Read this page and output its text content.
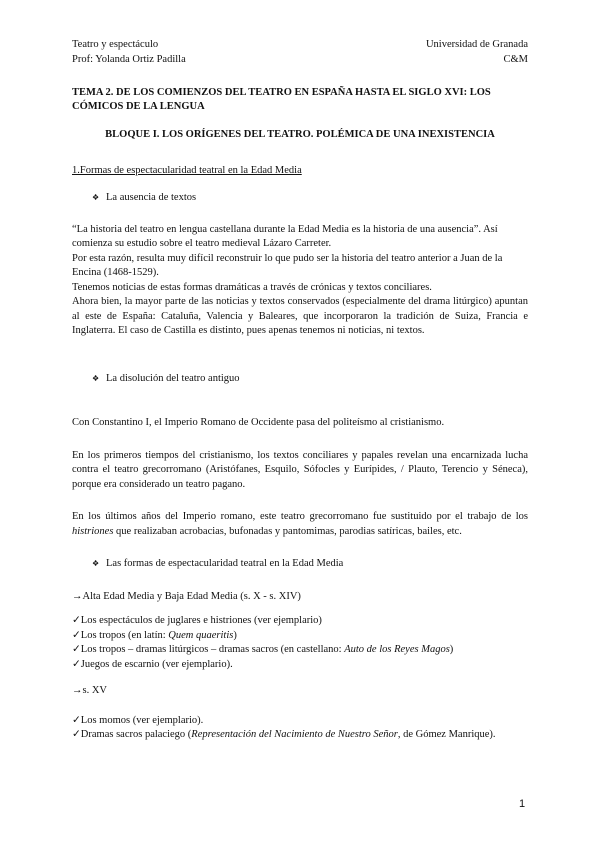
Teatro y espectáculo
Prof: Yolanda Ortiz Padilla
Universidad de Granada
C&M

TEMA 2. DE LOS COMIENZOS DEL TEATRO EN ESPAÑA HASTA EL SIGLO XVI: LOS CÓMICOS DE LA LENGUA

BLOQUE I. LOS ORÍGENES DEL TEATRO. POLÉMICA DE UNA INEXISTENCIA

1.Formas de espectacularidad teatral en la Edad Media

❖ La ausencia de textos

“La historia del teatro en lengua castellana durante la Edad Media es la historia de una ausencia”. Así comienza su estudio sobre el teatro medieval Lázaro Carreter.

Por esta razón, resulta muy difícil reconstruir lo que pudo ser la historia del teatro anterior a Juan de la Encina (1468-1529).

Tenemos noticias de estas formas dramáticas a través de crónicas y textos conciliares.

Ahora bien, la mayor parte de las noticias y textos conservados (especialmente del drama litúrgico) apuntan al este de España: Cataluña, Valencia y Baleares, que incorporaron la tradición de Suiza, Francia e Inglaterra. El caso de Castilla es distinto, pues apenas tenemos ni noticias, ni textos.

❖ La disolución del teatro antiguo

Con Constantino I, el Imperio Romano de Occidente pasa del politeísmo al cristianismo.

En los primeros tiempos del cristianismo, los textos conciliares y papales revelan una encarnizada lucha contra el teatro grecorromano (Aristófanes, Esquilo, Sófocles y Eurípides, / Plauto, Terencio y Séneca), porque era considerado un teatro pagano.

En los últimos años del Imperio romano, este teatro grecorromano fue sustituido por el trabajo de los histriones que realizaban acrobacias, bufonadas y pantomimas, parodias satíricas, bailes, etc.

❖ Las formas de espectacularidad teatral en la Edad Media

→Alta Edad Media y Baja Edad Media (s. X - s. XIV)

✓Los espectáculos de juglares e histriones (ver ejemplario)
✓Los tropos (en latín: Quem quaeritis)
✓Los tropos – dramas litúrgicos – dramas sacros (en castellano: Auto de los Reyes Magos)
✓Juegos de escarnio (ver ejemplario).

→s. XV

✓Los momos (ver ejemplario).
✓Dramas sacros palaciego (Representación del Nacimiento de Nuestro Señor, de Gómez Manrique).
1
